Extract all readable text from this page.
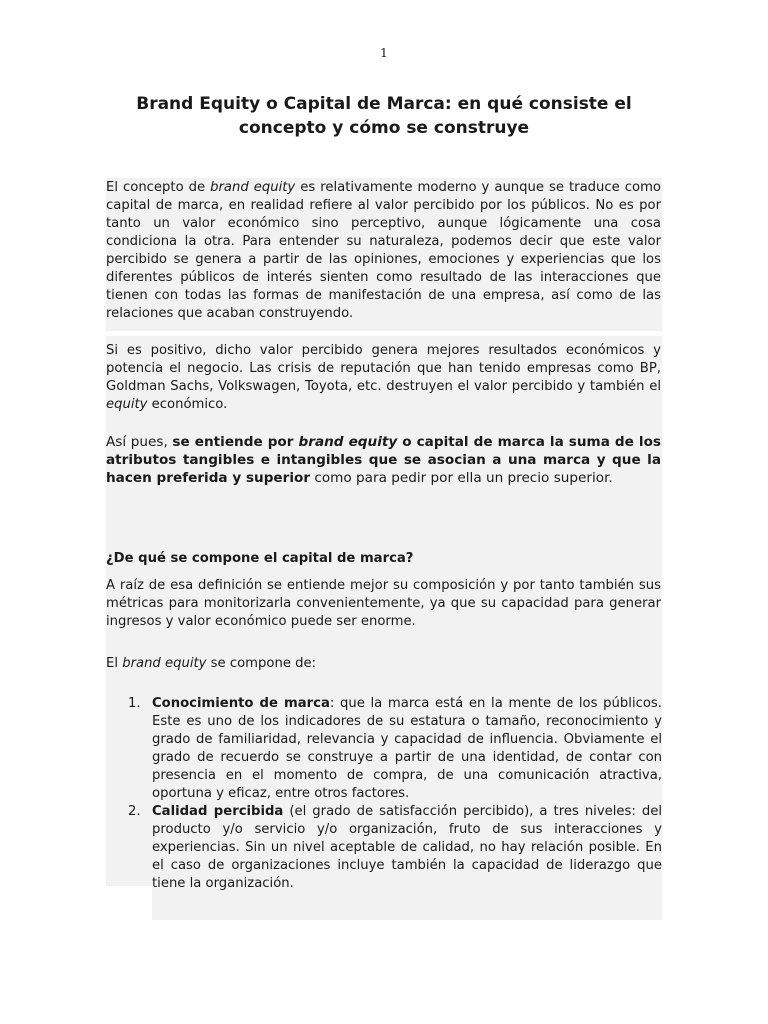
1
Brand Equity o Capital de Marca: en qué consiste el concepto y cómo se construye

El concepto de brand equity es relativamente moderno y aunque se traduce como capital de marca, en realidad refiere al valor percibido por los públicos. No es por tanto un valor económico sino perceptivo, aunque lógicamente una cosa condiciona la otra. Para entender su naturaleza, podemos decir que este valor percibido se genera a partir de las opiniones, emociones y experiencias que los diferentes públicos de interés sienten como resultado de las interacciones que tienen con todas las formas de manifestación de una empresa, así como de las relaciones que acaban construyendo.

Si es positivo, dicho valor percibido genera mejores resultados económicos y potencia el negocio. Las crisis de reputación que han tenido empresas como BP, Goldman Sachs, Volkswagen, Toyota, etc. destruyen el valor percibido y también el equity económico.

Así pues, se entiende por brand equity o capital de marca la suma de los atributos tangibles e intangibles que se asocian a una marca y que la hacen preferida y superior como para pedir por ella un precio superior.

¿De qué se compone el capital de marca?

A raíz de esa definición se entiende mejor su composición y por tanto también sus métricas para monitorizarla convenientemente, ya que su capacidad para generar ingresos y valor económico puede ser enorme.

El brand equity se compone de:

1. Conocimiento de marca: que la marca está en la mente de los públicos. Este es uno de los indicadores de su estatura o tamaño, reconocimiento y grado de familiaridad, relevancia y capacidad de influencia. Obviamente el grado de recuerdo se construye a partir de una identidad, de contar con presencia en el momento de compra, de una comunicación atractiva, oportuna y eficaz, entre otros factores.
2. Calidad percibida (el grado de satisfacción percibido), a tres niveles: del producto y/o servicio y/o organización, fruto de sus interacciones y experiencias. Sin un nivel aceptable de calidad, no hay relación posible. En el caso de organizaciones incluye también la capacidad de liderazgo que tiene la organización.
